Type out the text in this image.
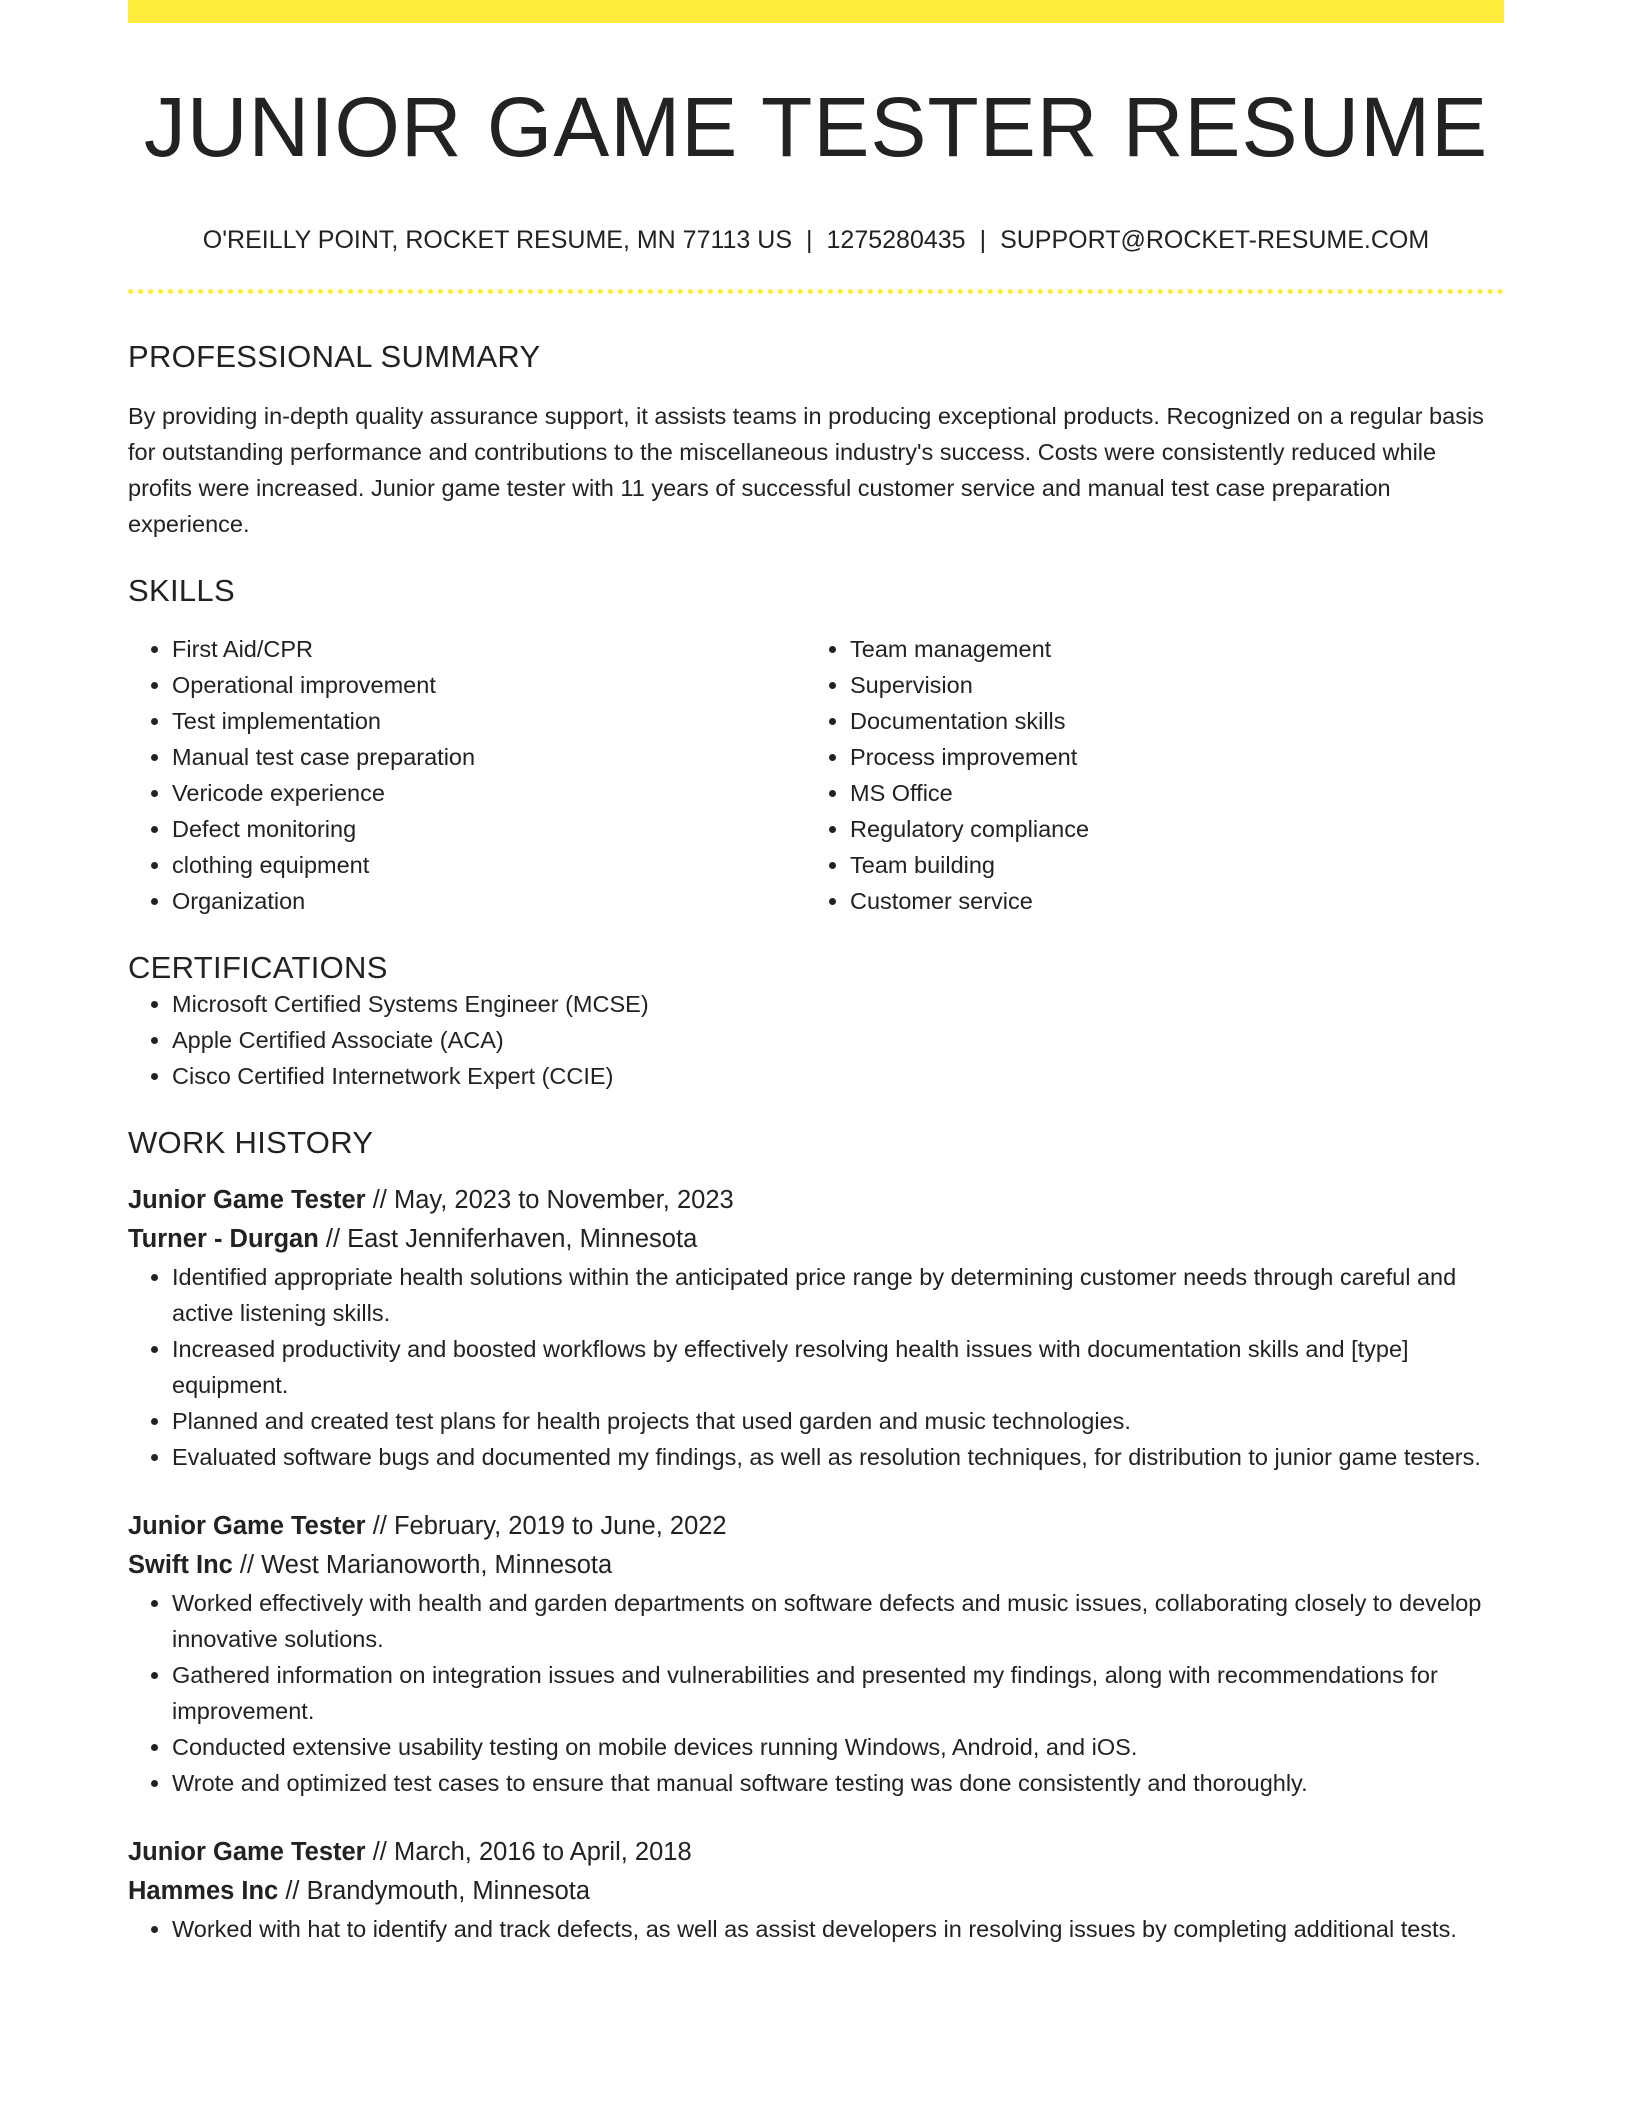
JUNIOR GAME TESTER RESUME
O'REILLY POINT, ROCKET RESUME, MN 77113 US | 1275280435 | SUPPORT@ROCKET-RESUME.COM
PROFESSIONAL SUMMARY

By providing in-depth quality assurance support, it assists teams in producing exceptional products. Recognized on a regular basis for outstanding performance and contributions to the miscellaneous industry's success. Costs were consistently reduced while profits were increased. Junior game tester with 11 years of successful customer service and manual test case preparation experience.

SKILLS
• First Aid/CPR
• Operational improvement
• Test implementation
• Manual test case preparation
• Vericode experience
• Defect monitoring
• clothing equipment
• Organization
• Team management
• Supervision
• Documentation skills
• Process improvement
• MS Office
• Regulatory compliance
• Team building
• Customer service
CERTIFICATIONS
• Microsoft Certified Systems Engineer (MCSE)
• Apple Certified Associate (ACA)
• Cisco Certified Internetwork Expert (CCIE)
WORK HISTORY
Junior Game Tester // May, 2023 to November, 2023
Turner - Durgan // East Jenniferhaven, Minnesota
• Identified appropriate health solutions within the anticipated price range by determining customer needs through careful and active listening skills.
• Increased productivity and boosted workflows by effectively resolving health issues with documentation skills and [type] equipment.
• Planned and created test plans for health projects that used garden and music technologies.
• Evaluated software bugs and documented my findings, as well as resolution techniques, for distribution to junior game testers.
Junior Game Tester // February, 2019 to June, 2022
Swift Inc // West Marianoworth, Minnesota
• Worked effectively with health and garden departments on software defects and music issues, collaborating closely to develop innovative solutions.
• Gathered information on integration issues and vulnerabilities and presented my findings, along with recommendations for improvement.
• Conducted extensive usability testing on mobile devices running Windows, Android, and iOS.
• Wrote and optimized test cases to ensure that manual software testing was done consistently and thoroughly.
Junior Game Tester // March, 2016 to April, 2018
Hammes Inc // Brandymouth, Minnesota
• Worked with hat to identify and track defects, as well as assist developers in resolving issues by completing additional tests.
